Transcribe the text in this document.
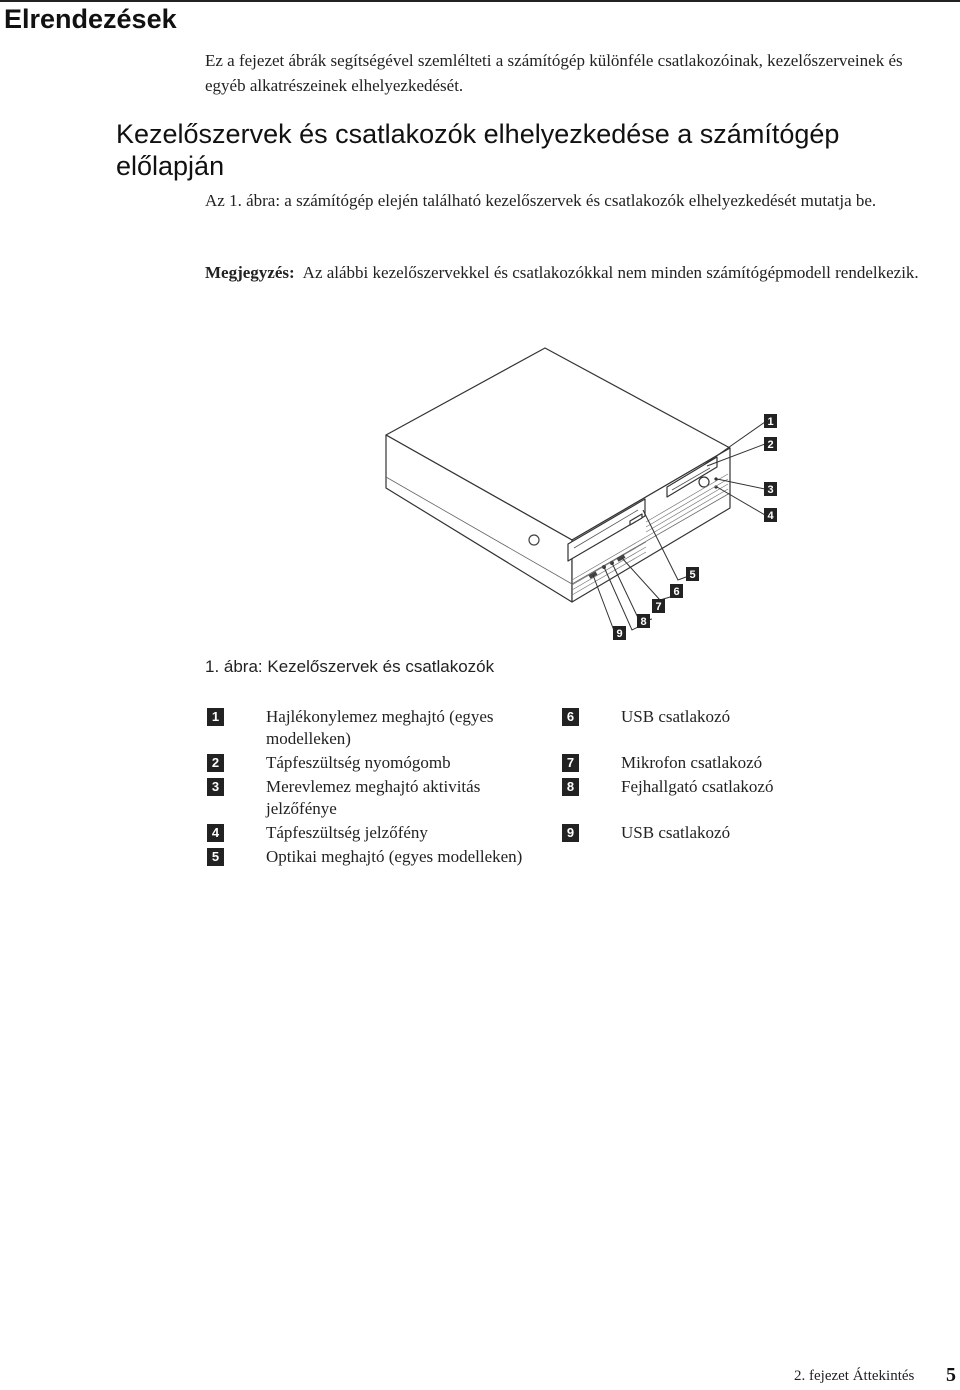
Elrendezések

Ez a fejezet ábrák segítségével szemlélteti a számítógép különféle csatlakozóinak, kezelőszerveinek és egyéb alkatrészeinek elhelyezkedését.

Kezelőszervek és csatlakozók elhelyezkedése a számítógép előlapján

Az 1. ábra: a számítógép elején található kezelőszervek és csatlakozók elhelyezkedését mutatja be.

Megjegyzés: Az alábbi kezelőszervekkel és csatlakozókkal nem minden számítógépmodell rendelkezik.

1
2
3
4
5
6
7
8
9

1. ábra: Kezelőszervek és csatlakozók

1	Hajlékonylemez meghajtó (egyes modelleken)
2	Tápfeszültség nyomógomb
3	Merevlemez meghajtó aktivitás jelzőfénye
4	Tápfeszültség jelzőfény
5	Optikai meghajtó (egyes modelleken)
6	USB csatlakozó
7	Mikrofon csatlakozó
8	Fejhallgató csatlakozó
9	USB csatlakozó

2. fejezet Áttekintés 5
